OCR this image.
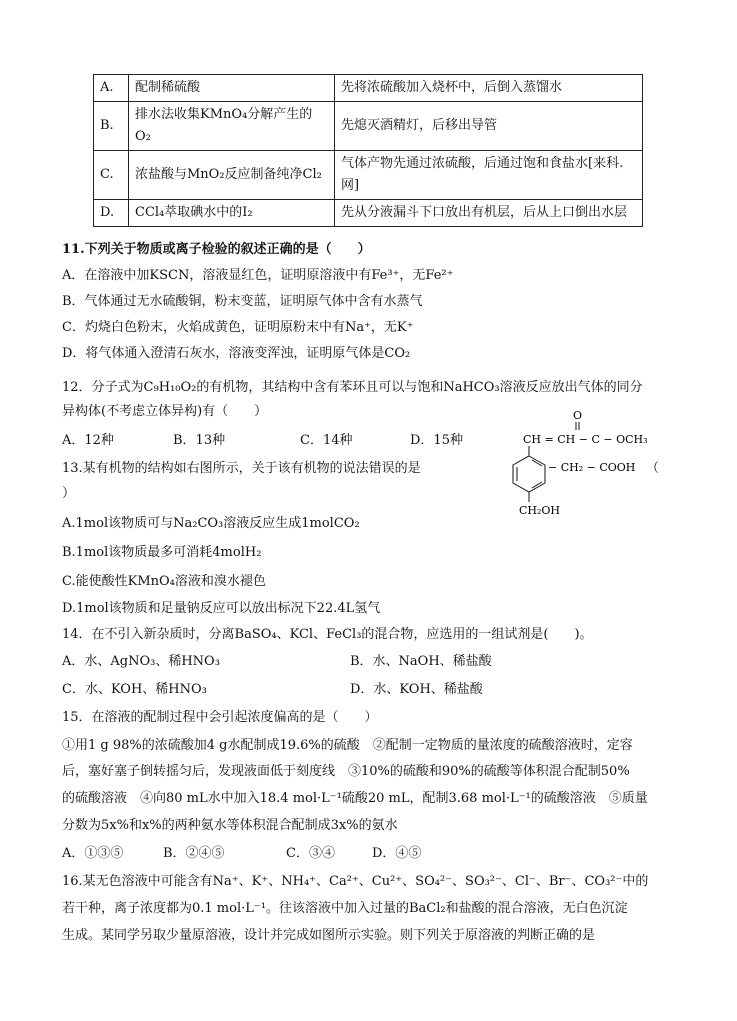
A.	配制稀硫酸	先将浓硫酸加入烧杯中，后倒入蒸馏水
B.	排水法收集KMnO₄分解产生的O₂	先熄灭酒精灯，后移出导管
C.	浓盐酸与MnO₂反应制备纯净Cl₂	气体产物先通过浓硫酸，后通过饱和食盐水[来科.网]
D.	CCl₄萃取碘水中的I₂	先从分液漏斗下口放出有机层，后从上口倒出水层
11.下列关于物质或离子检验的叙述正确的是（　　）
A．在溶液中加KSCN，溶液显红色，证明原溶液中有Fe³⁺，无Fe²⁺
B．气体通过无水硫酸铜，粉末变蓝，证明原气体中含有水蒸气
C．灼烧白色粉末，火焰成黄色，证明原粉末中有Na⁺，无K⁺
D．将气体通入澄清石灰水，溶液变浑浊，证明原气体是CO₂
12．分子式为C₉H₁₀O₂的有机物，其结构中含有苯环且可以与饱和NaHCO₃溶液反应放出气体的同分
异构体(不考虑立体异构)有（　　）
A．12种	B．13种	C．14种	D．15种
O
CH = CH − C − OCH₃
− CH₂ − COOH
CH₂OH
13.某有机物的结构如右图所示，关于该有机物的说法错误的是	（
）
A.1mol该物质可与Na₂CO₃溶液反应生成1molCO₂
B.1mol该物质最多可消耗4molH₂
C.能使酸性KMnO₄溶液和溴水褪色
D.1mol该物质和足量钠反应可以放出标况下22.4L氢气
14．在不引入新杂质时，分离BaSO₄、KCl、FeCl₃的混合物，应选用的一组试剂是(　　)。
A．水、AgNO₃、稀HNO₃	B．水、NaOH、稀盐酸
C．水、KOH、稀HNO₃	D．水、KOH、稀盐酸
15．在溶液的配制过程中会引起浓度偏高的是（　　）
①用1 g 98%的浓硫酸加4 g水配制成19.6%的硫酸　②配制一定物质的量浓度的硫酸溶液时，定容
后，塞好塞子倒转摇匀后，发现液面低于刻度线　③10%的硫酸和90%的硫酸等体积混合配制50%
的硫酸溶液　④向80 mL水中加入18.4 mol·L⁻¹硫酸20 mL，配制3.68 mol·L⁻¹的硫酸溶液　⑤质量
分数为5x%和x%的两种氨水等体积混合配制成3x%的氨水
A．①③⑤	B．②④⑤	C．③④	D．④⑤
16.某无色溶液中可能含有Na⁺、K⁺、NH₄⁺、Ca²⁺、Cu²⁺、SO₄²⁻、SO₃²⁻、Cl⁻、Br⁻、CO₃²⁻中的
若干种，离子浓度都为0.1 mol·L⁻¹。往该溶液中加入过量的BaCl₂和盐酸的混合溶液，无白色沉淀
生成。某同学另取少量原溶液，设计并完成如图所示实验。则下列关于原溶液的判断正确的是
